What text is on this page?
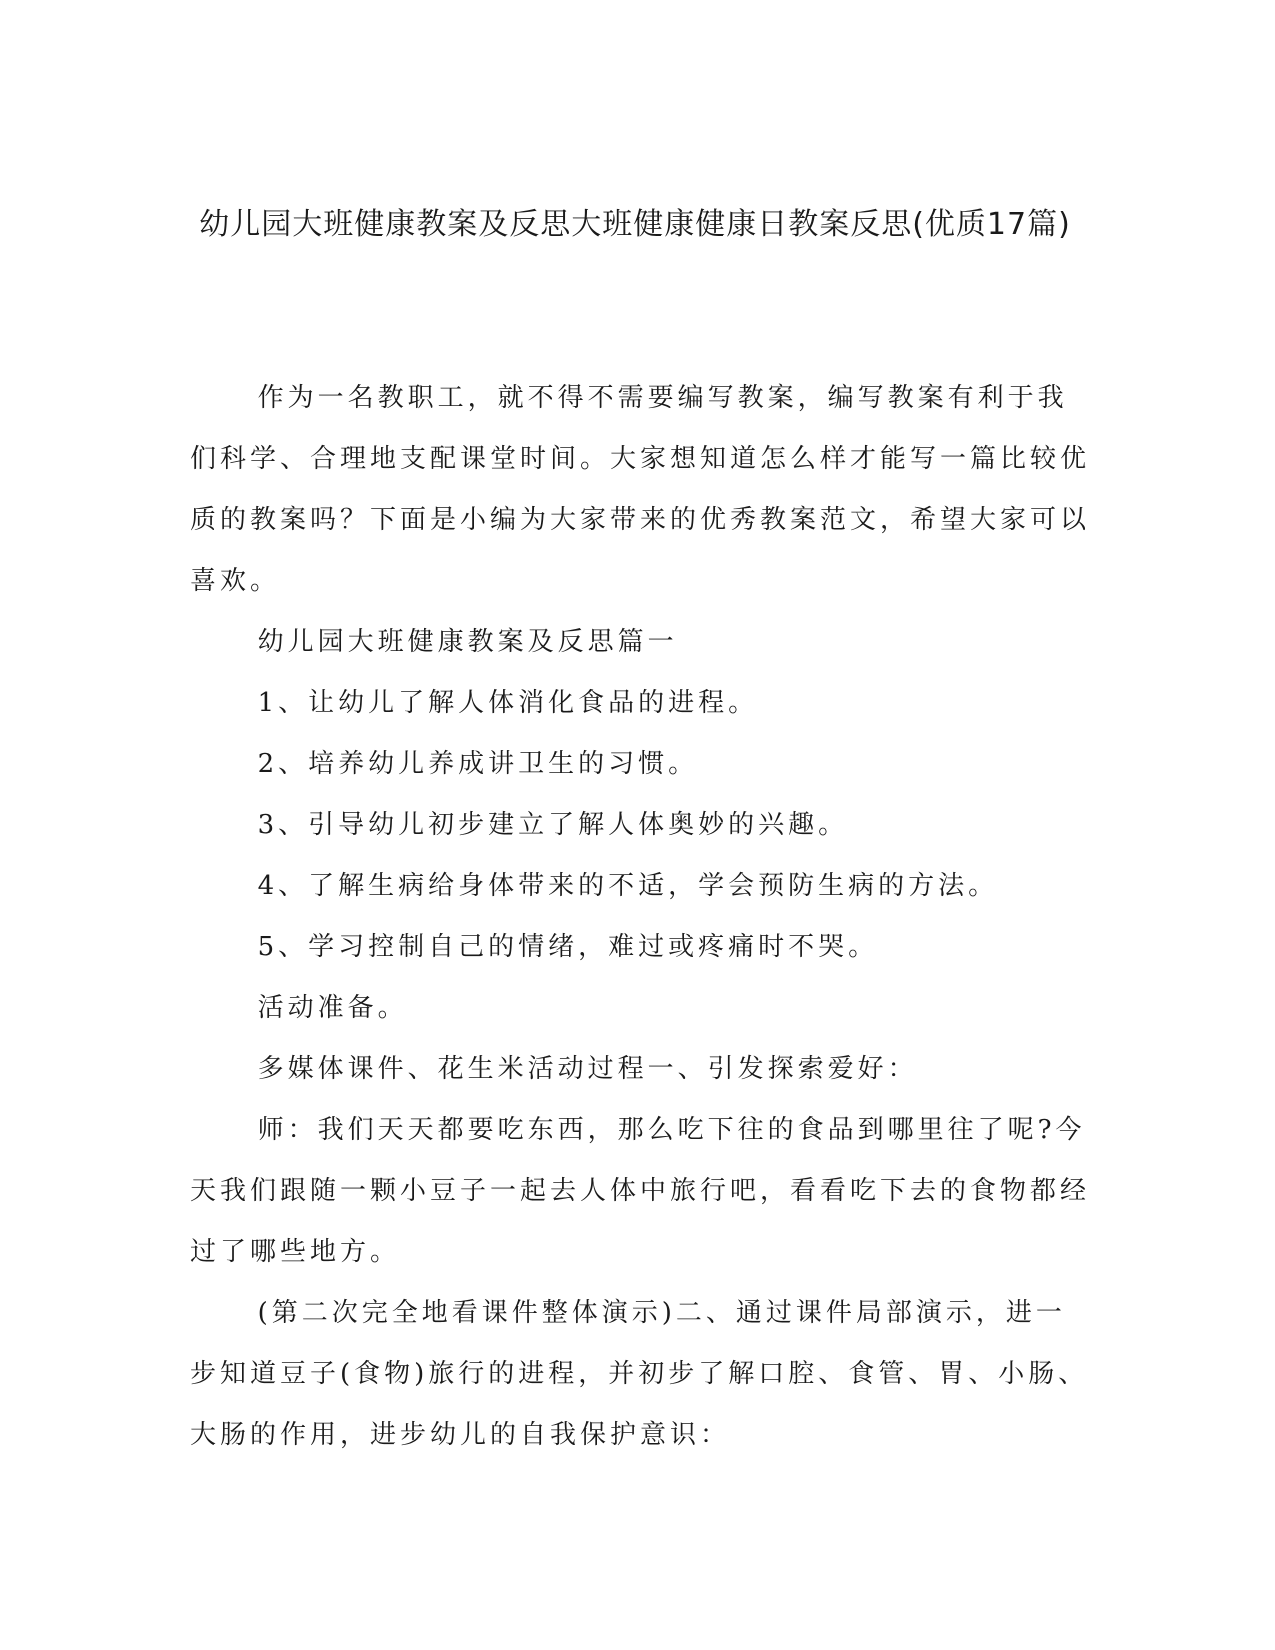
幼儿园大班健康教案及反思大班健康健康日教案反思(优质17篇)

作为一名教职工，就不得不需要编写教案，编写教案有利于我们科学、合理地支配课堂时间。大家想知道怎么样才能写一篇比较优质的教案吗？下面是小编为大家带来的优秀教案范文，希望大家可以喜欢。

幼儿园大班健康教案及反思篇一

1、让幼儿了解人体消化食品的进程。

2、培养幼儿养成讲卫生的习惯。

3、引导幼儿初步建立了解人体奥妙的兴趣。

4、了解生病给身体带来的不适，学会预防生病的方法。

5、学习控制自己的情绪，难过或疼痛时不哭。

活动准备。

多媒体课件、花生米活动过程一、引发探索爱好：

师：我们天天都要吃东西，那么吃下往的食品到哪里往了呢?今天我们跟随一颗小豆子一起去人体中旅行吧，看看吃下去的食物都经过了哪些地方。

(第二次完全地看课件整体演示)二、通过课件局部演示，进一步知道豆子(食物)旅行的进程，并初步了解口腔、食管、胃、小肠、大肠的作用，进步幼儿的自我保护意识：
